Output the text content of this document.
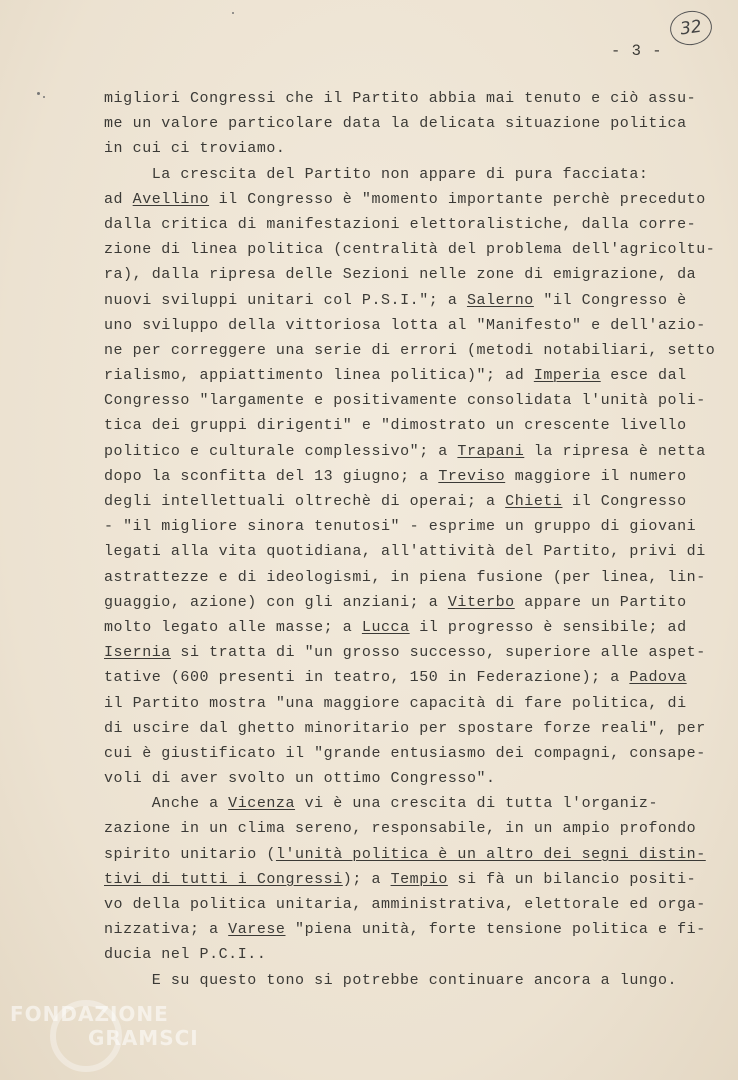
32
- 3 -
migliori Congressi che il Partito abbia mai tenuto e ciò assu-
me un valore particolare data la delicata situazione politica
in cui ci troviamo.
La crescita del Partito non appare di pura facciata:
ad Avellino il Congresso è "momento importante perchè preceduto
dalla critica di manifestazioni elettoralistiche, dalla corre-
zione di linea politica (centralità del problema dell'agricoltu-
ra), dalla ripresa delle Sezioni nelle zone di emigrazione, da
nuovi sviluppi unitari col P.S.I."; a Salerno "il Congresso è
uno sviluppo della vittoriosa lotta al "Manifesto" e dell'azio-
ne per correggere una serie di errori (metodi notabiliari, setto
rialismo, appiattimento linea politica)"; ad Imperia esce dal
Congresso "largamente e positivamente consolidata l'unità poli-
tica dei gruppi dirigenti" e "dimostrato un crescente livello
politico e culturale complessivo"; a Trapani la ripresa è netta
dopo la sconfitta del 13 giugno; a Treviso maggiore il numero
degli intellettuali oltrechè di operai; a Chieti il Congresso
- "il migliore sinora tenutosi" - esprime un gruppo di giovani
legati alla vita quotidiana, all'attività del Partito, privi di
astrattezze e di ideologismi, in piena fusione (per linea, lin-
guaggio, azione) con gli anziani; a Viterbo appare un Partito
molto legato alle masse; a Lucca il progresso è sensibile; ad
Isernia si tratta di "un grosso successo, superiore alle aspet-
tative (600 presenti in teatro, 150 in Federazione); a Padova
il Partito mostra "una maggiore capacità di fare politica, di
di uscire dal ghetto minoritario per spostare forze reali", per
cui è giustificato il "grande entusiasmo dei compagni, consape-
voli di aver svolto un ottimo Congresso".
Anche a Vicenza vi è una crescita di tutta l'organiz-
zazione in un clima sereno, responsabile, in un ampio profondo
spirito unitario (l'unità politica è un altro dei segni distin-
tivi di tutti i Congressi); a Tempio si fà un bilancio positi-
vo della politica unitaria, amministrativa, elettorale ed orga-
nizzativa; a Varese "piena unità, forte tensione politica e fi-
ducia nel P.C.I..
E su questo tono si potrebbe continuare ancora a lungo.
FONDAZIONE
GRAMSCI
